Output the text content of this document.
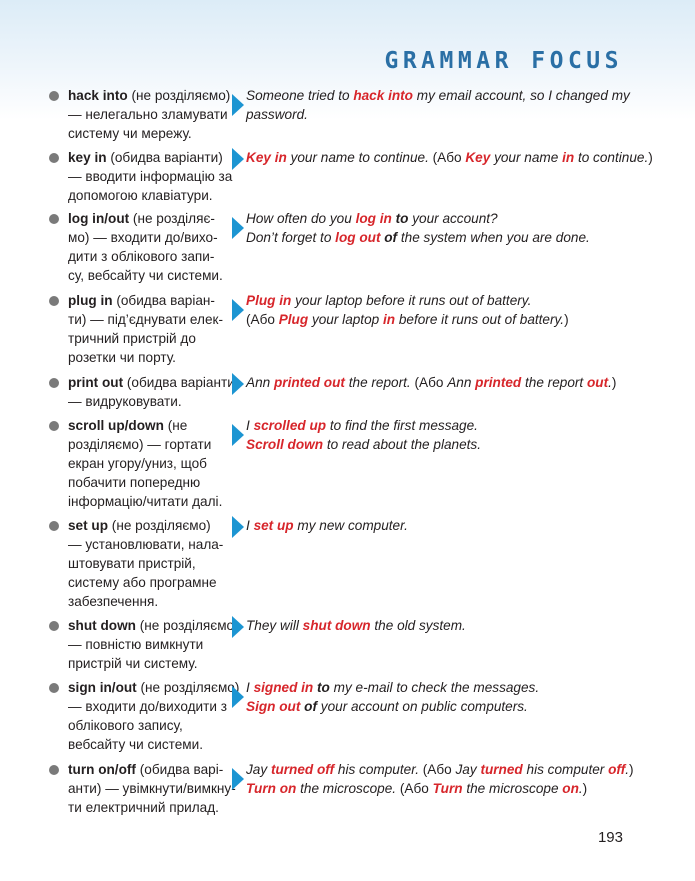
GRAMMAR FOCUS
hack into (не розділяємо)
— нелегально зламувати
систему чи мережу.
Someone tried to hack into my email account, so I changed my
password.
key in (обидва варіанти)
— вводити інформацію за
допомогою клавіатури.
Key in your name to continue. (Або Key your name in to continue.)
log in/out (не розділяє-
мо) — входити до/вихо-
дити з облікового запи-
су, вебсайту чи системи.
How often do you log in to your account?
Don’t forget to log out of the system when you are done.
plug in (обидва варіан-
ти) — під’єднувати елек-
тричний пристрій до
розетки чи порту.
Plug in your laptop before it runs out of battery.
(Або Plug your laptop in before it runs out of battery.)
print out (обидва варіанти)
— видруковувати.
Ann printed out the report. (Або Ann printed the report out.)
scroll up/down (не
розділяємо) — гортати
екран угору/униз, щоб
побачити попередню
інформацію/читати далі.
I scrolled up to find the first message.
Scroll down to read about the planets.
set up (не розділяємо)
— установлювати, нала-
штовувати пристрій,
систему або програмне
забезпечення.
I set up my new computer.
shut down (не розділяємо)
— повністю вимкнути
пристрій чи систему.
They will shut down the old system.
sign in/out (не розділяємо)
— входити до/виходити з
облікового запису,
вебсайту чи системи.
I signed in to my e-mail to check the messages.
Sign out of your account on public computers.
turn on/off (обидва варі-
анти) — увімкнути/вимкну-
ти електричний прилад.
Jay turned off his computer. (Або Jay turned his computer off.)
Turn on the microscope. (Або Turn the microscope on.)
193
